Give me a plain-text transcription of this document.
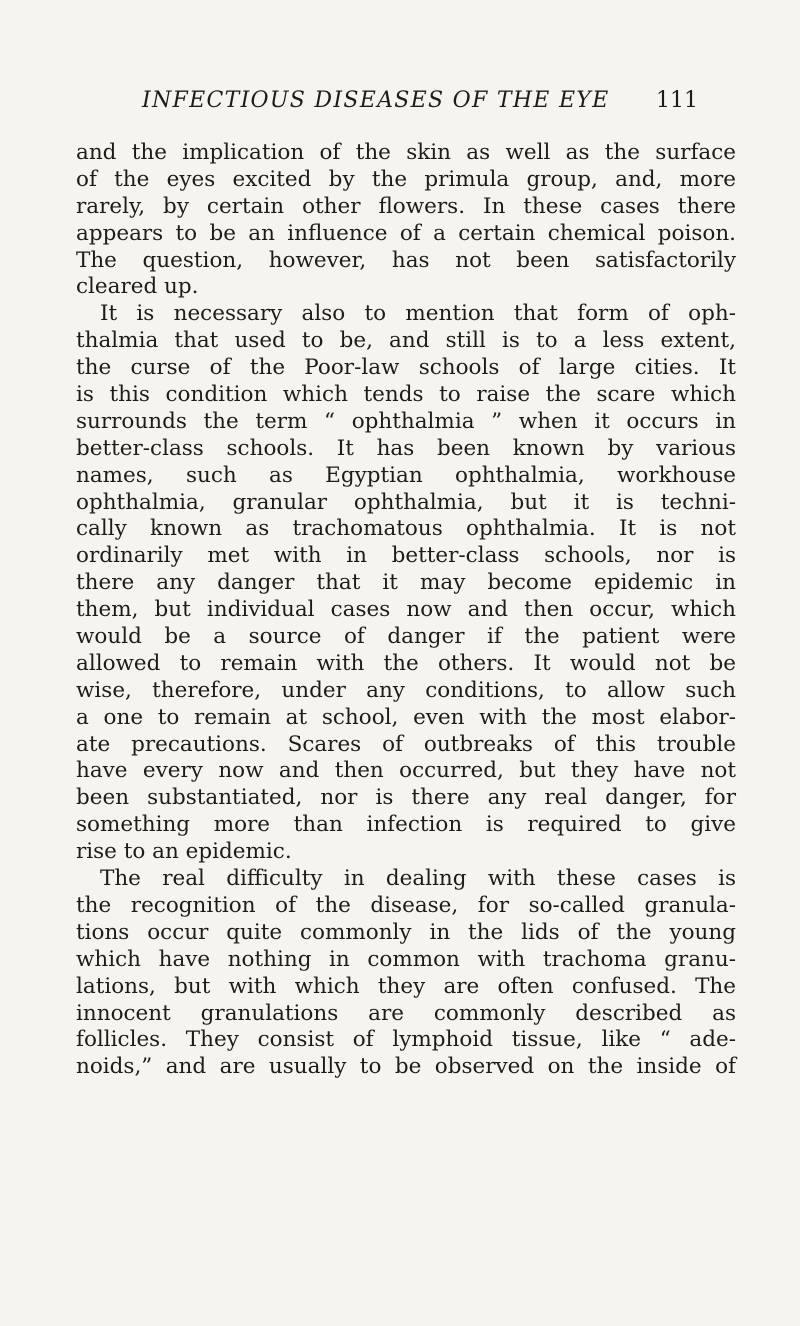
INFECTIOUS DISEASES OF THE EYE 111
and the implication of the skin as well as the surface
of the eyes excited by the primula group, and, more
rarely, by certain other flowers. In these cases there
appears to be an influence of a certain chemical poison.
The question, however, has not been satisfactorily
cleared up.
It is necessary also to mention that form of oph-
thalmia that used to be, and still is to a less extent,
the curse of the Poor-law schools of large cities. It
is this condition which tends to raise the scare which
surrounds the term “ ophthalmia ” when it occurs in
better-class schools. It has been known by various
names, such as Egyptian ophthalmia, workhouse
ophthalmia, granular ophthalmia, but it is techni-
cally known as trachomatous ophthalmia. It is not
ordinarily met with in better-class schools, nor is
there any danger that it may become epidemic in
them, but individual cases now and then occur, which
would be a source of danger if the patient were
allowed to remain with the others. It would not be
wise, therefore, under any conditions, to allow such
a one to remain at school, even with the most elabor-
ate precautions. Scares of outbreaks of this trouble
have every now and then occurred, but they have not
been substantiated, nor is there any real danger, for
something more than infection is required to give
rise to an epidemic.
The real difficulty in dealing with these cases is
the recognition of the disease, for so-called granula-
tions occur quite commonly in the lids of the young
which have nothing in common with trachoma granu-
lations, but with which they are often confused. The
innocent granulations are commonly described as
follicles. They consist of lymphoid tissue, like “ ade-
noids,” and are usually to be observed on the inside of
